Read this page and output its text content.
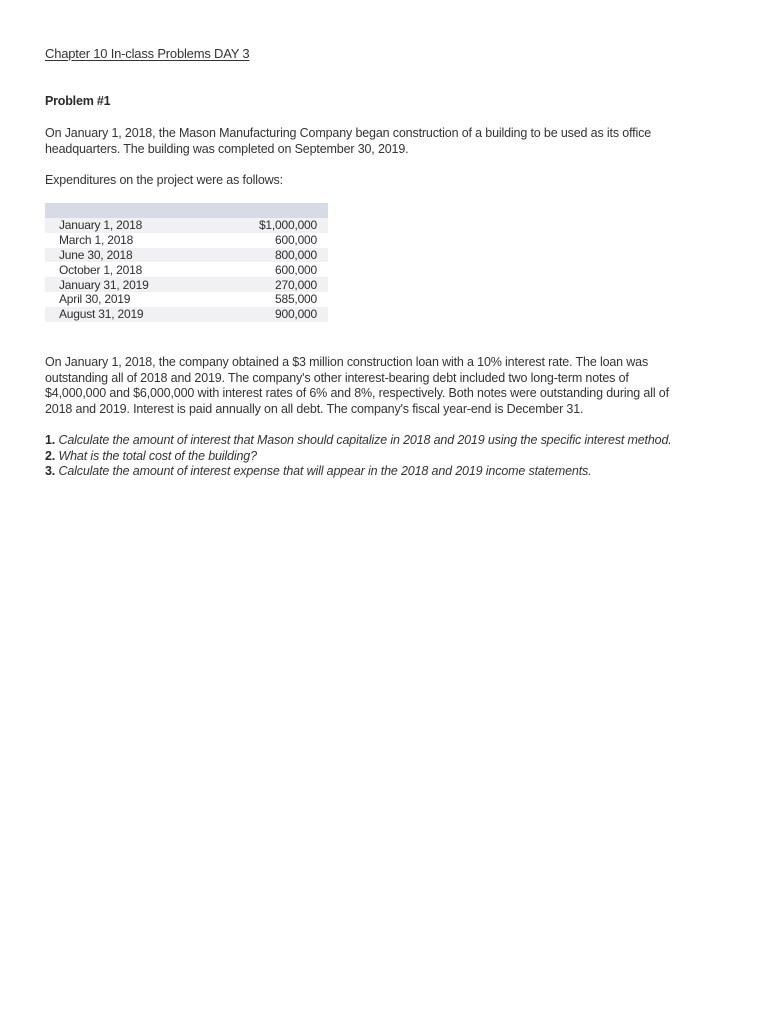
Chapter 10 In-class Problems DAY 3
Problem #1

On January 1, 2018, the Mason Manufacturing Company began construction of a building to be used as its office

headquarters. The building was completed on September 30, 2019.

Expenditures on the project were as follows:

January 1, 2018	$1,000,000
March 1, 2018	600,000
June 30, 2018	800,000
October 1, 2018	600,000
January 31, 2019	270,000
April 30, 2019	585,000
August 31, 2019	900,000

On January 1, 2018, the company obtained a $3 million construction loan with a 10% interest rate. The loan was

outstanding all of 2018 and 2019. The company's other interest-bearing debt included two long-term notes of

$4,000,000 and $6,000,000 with interest rates of 6% and 8%, respectively. Both notes were outstanding during all of

2018 and 2019. Interest is paid annually on all debt. The company's fiscal year-end is December 31.

1. Calculate the amount of interest that Mason should capitalize in 2018 and 2019 using the specific interest method.

2. What is the total cost of the building?

3. Calculate the amount of interest expense that will appear in the 2018 and 2019 income statements.
